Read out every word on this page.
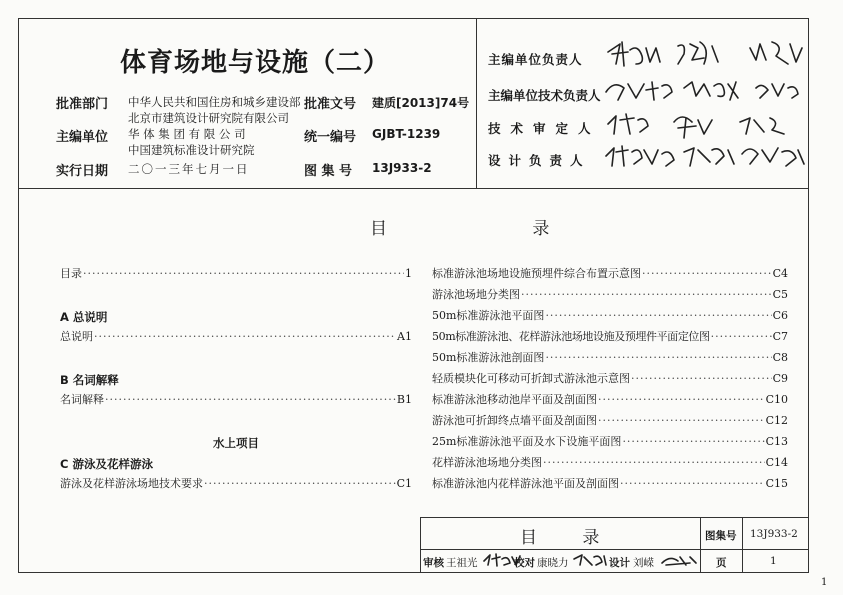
体育场地与设施（二）
批准部门 中华人民共和国住房和城乡建设部 批准文号 建质[2013]74号
北京市建筑设计研究院有限公司
主编单位 华 体 集 团 有 限 公 司
中国建筑标准设计研究院
统一编号 GJBT-1239
实行日期 二〇一三年七月一日	图 集 号 13J933-2
主编单位负责人
主编单位技术负责人
技术审定人
设计负责人
目 录
目录 ·····	1
A 总说明
总说明 ·····	A1
B 名词解释
名词解释 ·····	B1
水上项目
C 游泳及花样游泳
游泳及花样游泳场地技术要求 ·····	C1
标准游泳池场地设施预埋件综合布置示意图 ·····	C4
游泳池场地分类图 ·····	C5
50m标准游泳池平面图 ·····	C6
50m标准游泳池、花样游泳池场地设施及预埋件平面定位图 ·····	C7
50m标准游泳池剖面图 ·····	C8
轻质模块化可移动可折卸式游泳池示意图 ·····	C9
标准游泳池移动池岸平面及剖面图 ·····	C10
游泳池可折卸终点墙平面及剖面图 ·····	C12
25m标准游泳池平面及水下设施平面图 ·····	C13
花样游泳池场地分类图 ·····	C14
标准游泳池内花样游泳池平面及剖面图 ·····	C15
目 录	图集号 13J933-2
审核 王祖光	校对 康晓力	设计 刘嵘	页	1
1
